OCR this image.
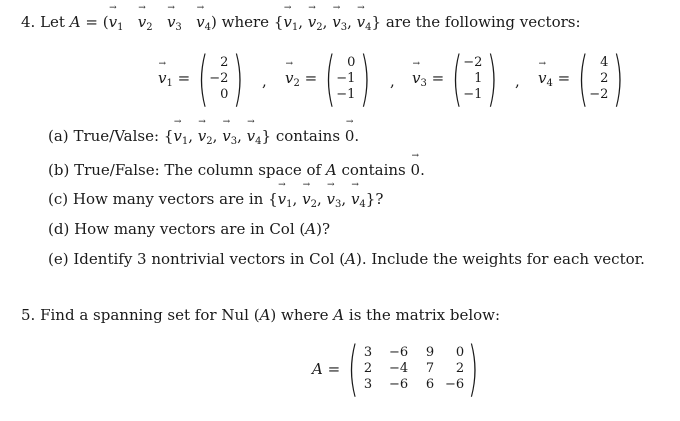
4. Let A = (
→
$v_1$
→
$v_2$
→
$v_3$
→
$v_4$) where {
→
$v_1$,
→
$v_2$,
→
$v_3$,
→
$v_4$} are the following vectors:
→
$v_1$ = ( 2
−2
0 ) ,
→
$v_2$ = ( 0
−1
−1 ) ,
→
$v_3$ = ( −2
1
−1 ) ,
→
$v_4$ = ( 4
2
−2 )
(a) True/Valse: {
→
$v_1$,
→
$v_2$,
→
$v_3$,
→
$v_4$} contains
→
0.
(b) True/False: The column space of A contains
→
0.
(c) How many vectors are in {
→
$v_1$,
→
$v_2$,
→
$v_3$,
→
$v_4$}?
(d) How many vectors are in Col (A)?
(e) Identify 3 nontrivial vectors in Col (A). Include the weights for each vector.
5. Find a spanning set for Nul (A) where A is the matrix below:
A = ( 3	−6	9	0
2	−4	7	2
3	−6	6 −6 )
